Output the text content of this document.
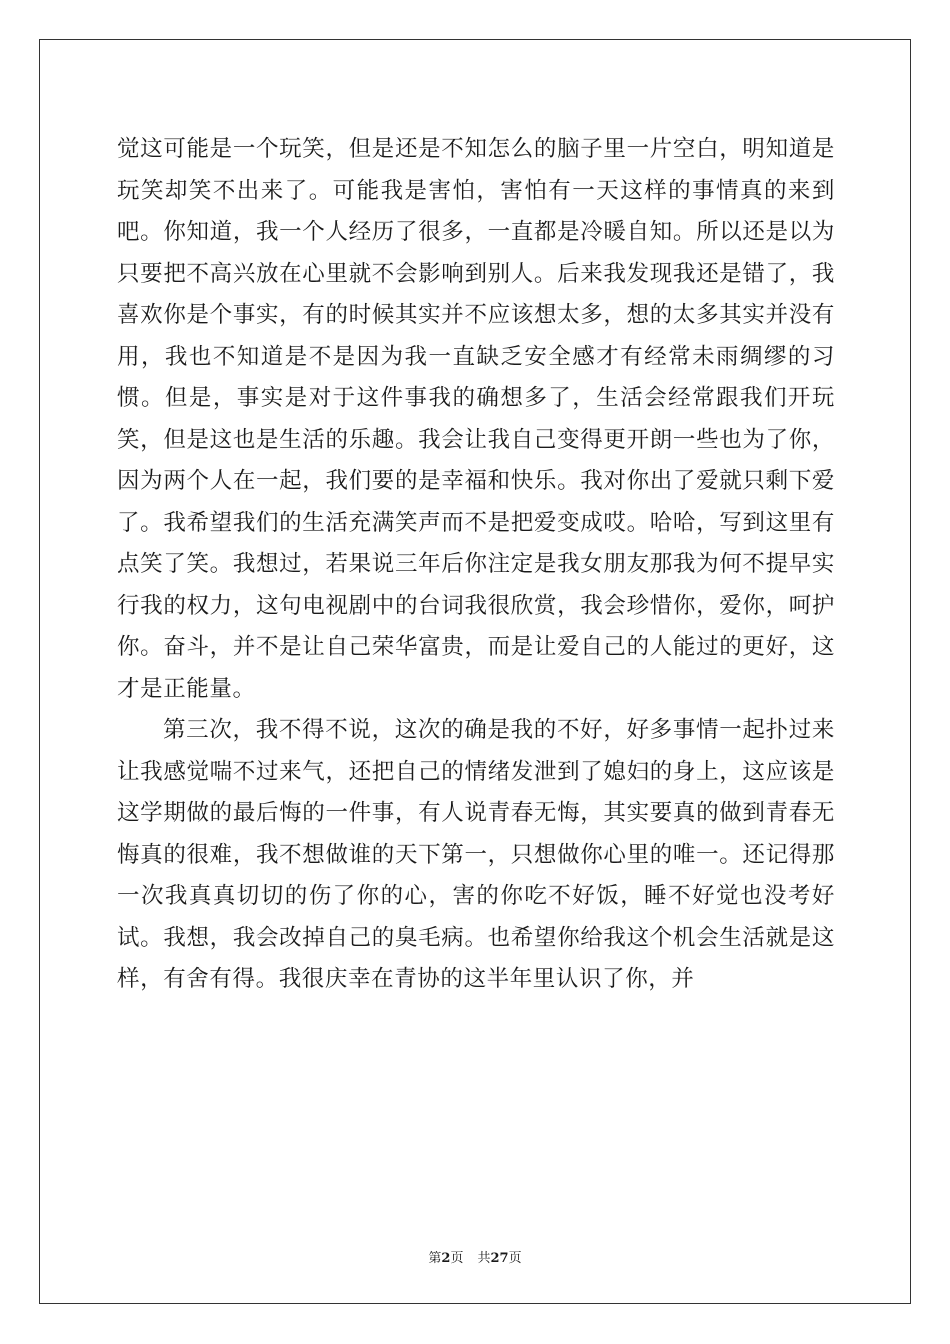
觉这可能是一个玩笑，但是还是不知怎么的脑子里一片空白，明知道是玩笑却笑不出来了。可能我是害怕，害怕有一天这样的事情真的来到吧。你知道，我一个人经历了很多，一直都是冷暖自知。所以还是以为只要把不高兴放在心里就不会影响到别人。后来我发现我还是错了，我喜欢你是个事实，有的时候其实并不应该想太多，想的太多其实并没有用，我也不知道是不是因为我一直缺乏安全感才有经常未雨绸缪的习惯。但是，事实是对于这件事我的确想多了，生活会经常跟我们开玩笑，但是这也是生活的乐趣。我会让我自己变得更开朗一些也为了你，因为两个人在一起，我们要的是幸福和快乐。我对你出了爱就只剩下爱了。我希望我们的生活充满笑声而不是把爱变成哎。哈哈，写到这里有点笑了笑。我想过，若果说三年后你注定是我女朋友那我为何不提早实行我的权力，这句电视剧中的台词我很欣赏，我会珍惜你，爱你，呵护你。奋斗，并不是让自己荣华富贵，而是让爱自己的人能过的更好，这才是正能量。

第三次，我不得不说，这次的确是我的不好，好多事情一起扑过来让我感觉喘不过来气，还把自己的情绪发泄到了媳妇的身上，这应该是这学期做的最后悔的一件事，有人说青春无悔，其实要真的做到青春无悔真的很难，我不想做谁的天下第一，只想做你心里的唯一。还记得那一次我真真切切的伤了你的心，害的你吃不好饭，睡不好觉也没考好试。我想，我会改掉自己的臭毛病。也希望你给我这个机会生活就是这样，有舍有得。我很庆幸在青协的这半年里认识了你，并

第2页 共27页
